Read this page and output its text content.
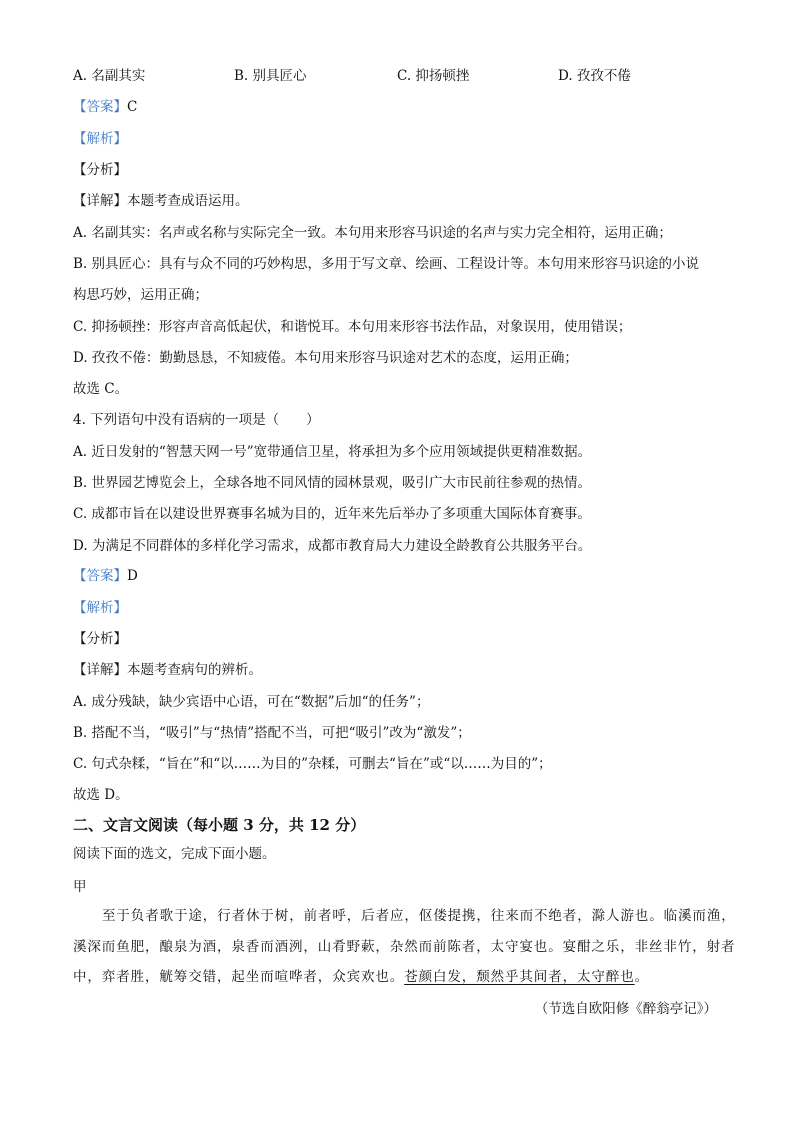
A. 名副其实	B. 别具匠心	C. 抑扬顿挫	D. 孜孜不倦
【答案】C
【解析】
【分析】
【详解】本题考查成语运用。
A. 名副其实：名声或名称与实际完全一致。本句用来形容马识途的名声与实力完全相符，运用正确；
B. 别具匠心：具有与众不同的巧妙构思，多用于写文章、绘画、工程设计等。本句用来形容马识途的小说
构思巧妙，运用正确；
C. 抑扬顿挫：形容声音高低起伏，和谐悦耳。本句用来形容书法作品，对象误用，使用错误；
D. 孜孜不倦：勤勤恳恳，不知疲倦。本句用来形容马识途对艺术的态度，运用正确；
故选 C。
4. 下列语句中没有语病的一项是（　　）
A. 近日发射的“智慧天网一号”宽带通信卫星，将承担为多个应用领域提供更精准数据。
B. 世界园艺博览会上，全球各地不同风情的园林景观，吸引广大市民前往参观的热情。
C. 成都市旨在以建设世界赛事名城为目的，近年来先后举办了多项重大国际体育赛事。
D. 为满足不同群体的多样化学习需求，成都市教育局大力建设全龄教育公共服务平台。
【答案】D
【解析】
【分析】
【详解】本题考查病句的辨析。
A. 成分残缺，缺少宾语中心语，可在“数据”后加“的任务”；
B. 搭配不当，“吸引”与“热情”搭配不当，可把“吸引”改为“激发”；
C. 句式杂糅，“旨在”和“以……为目的”杂糅，可删去“旨在”或“以……为目的”；
故选 D。
二、文言文阅读（每小题 3 分，共 12 分）
阅读下面的选文，完成下面小题。
甲
至于负者歌于途，行者休于树，前者呼，后者应，伛偻提携，往来而不绝者，滁人游也。临溪而渔，
溪深而鱼肥，酿泉为酒，泉香而酒洌，山肴野蔌，杂然而前陈者，太守宴也。宴酣之乐，非丝非竹，射者
中，弈者胜，觥筹交错，起坐而喧哗者，众宾欢也。苍颜白发，颓然乎其间者，太守醉也。
（节选自欧阳修《醉翁亭记》）
